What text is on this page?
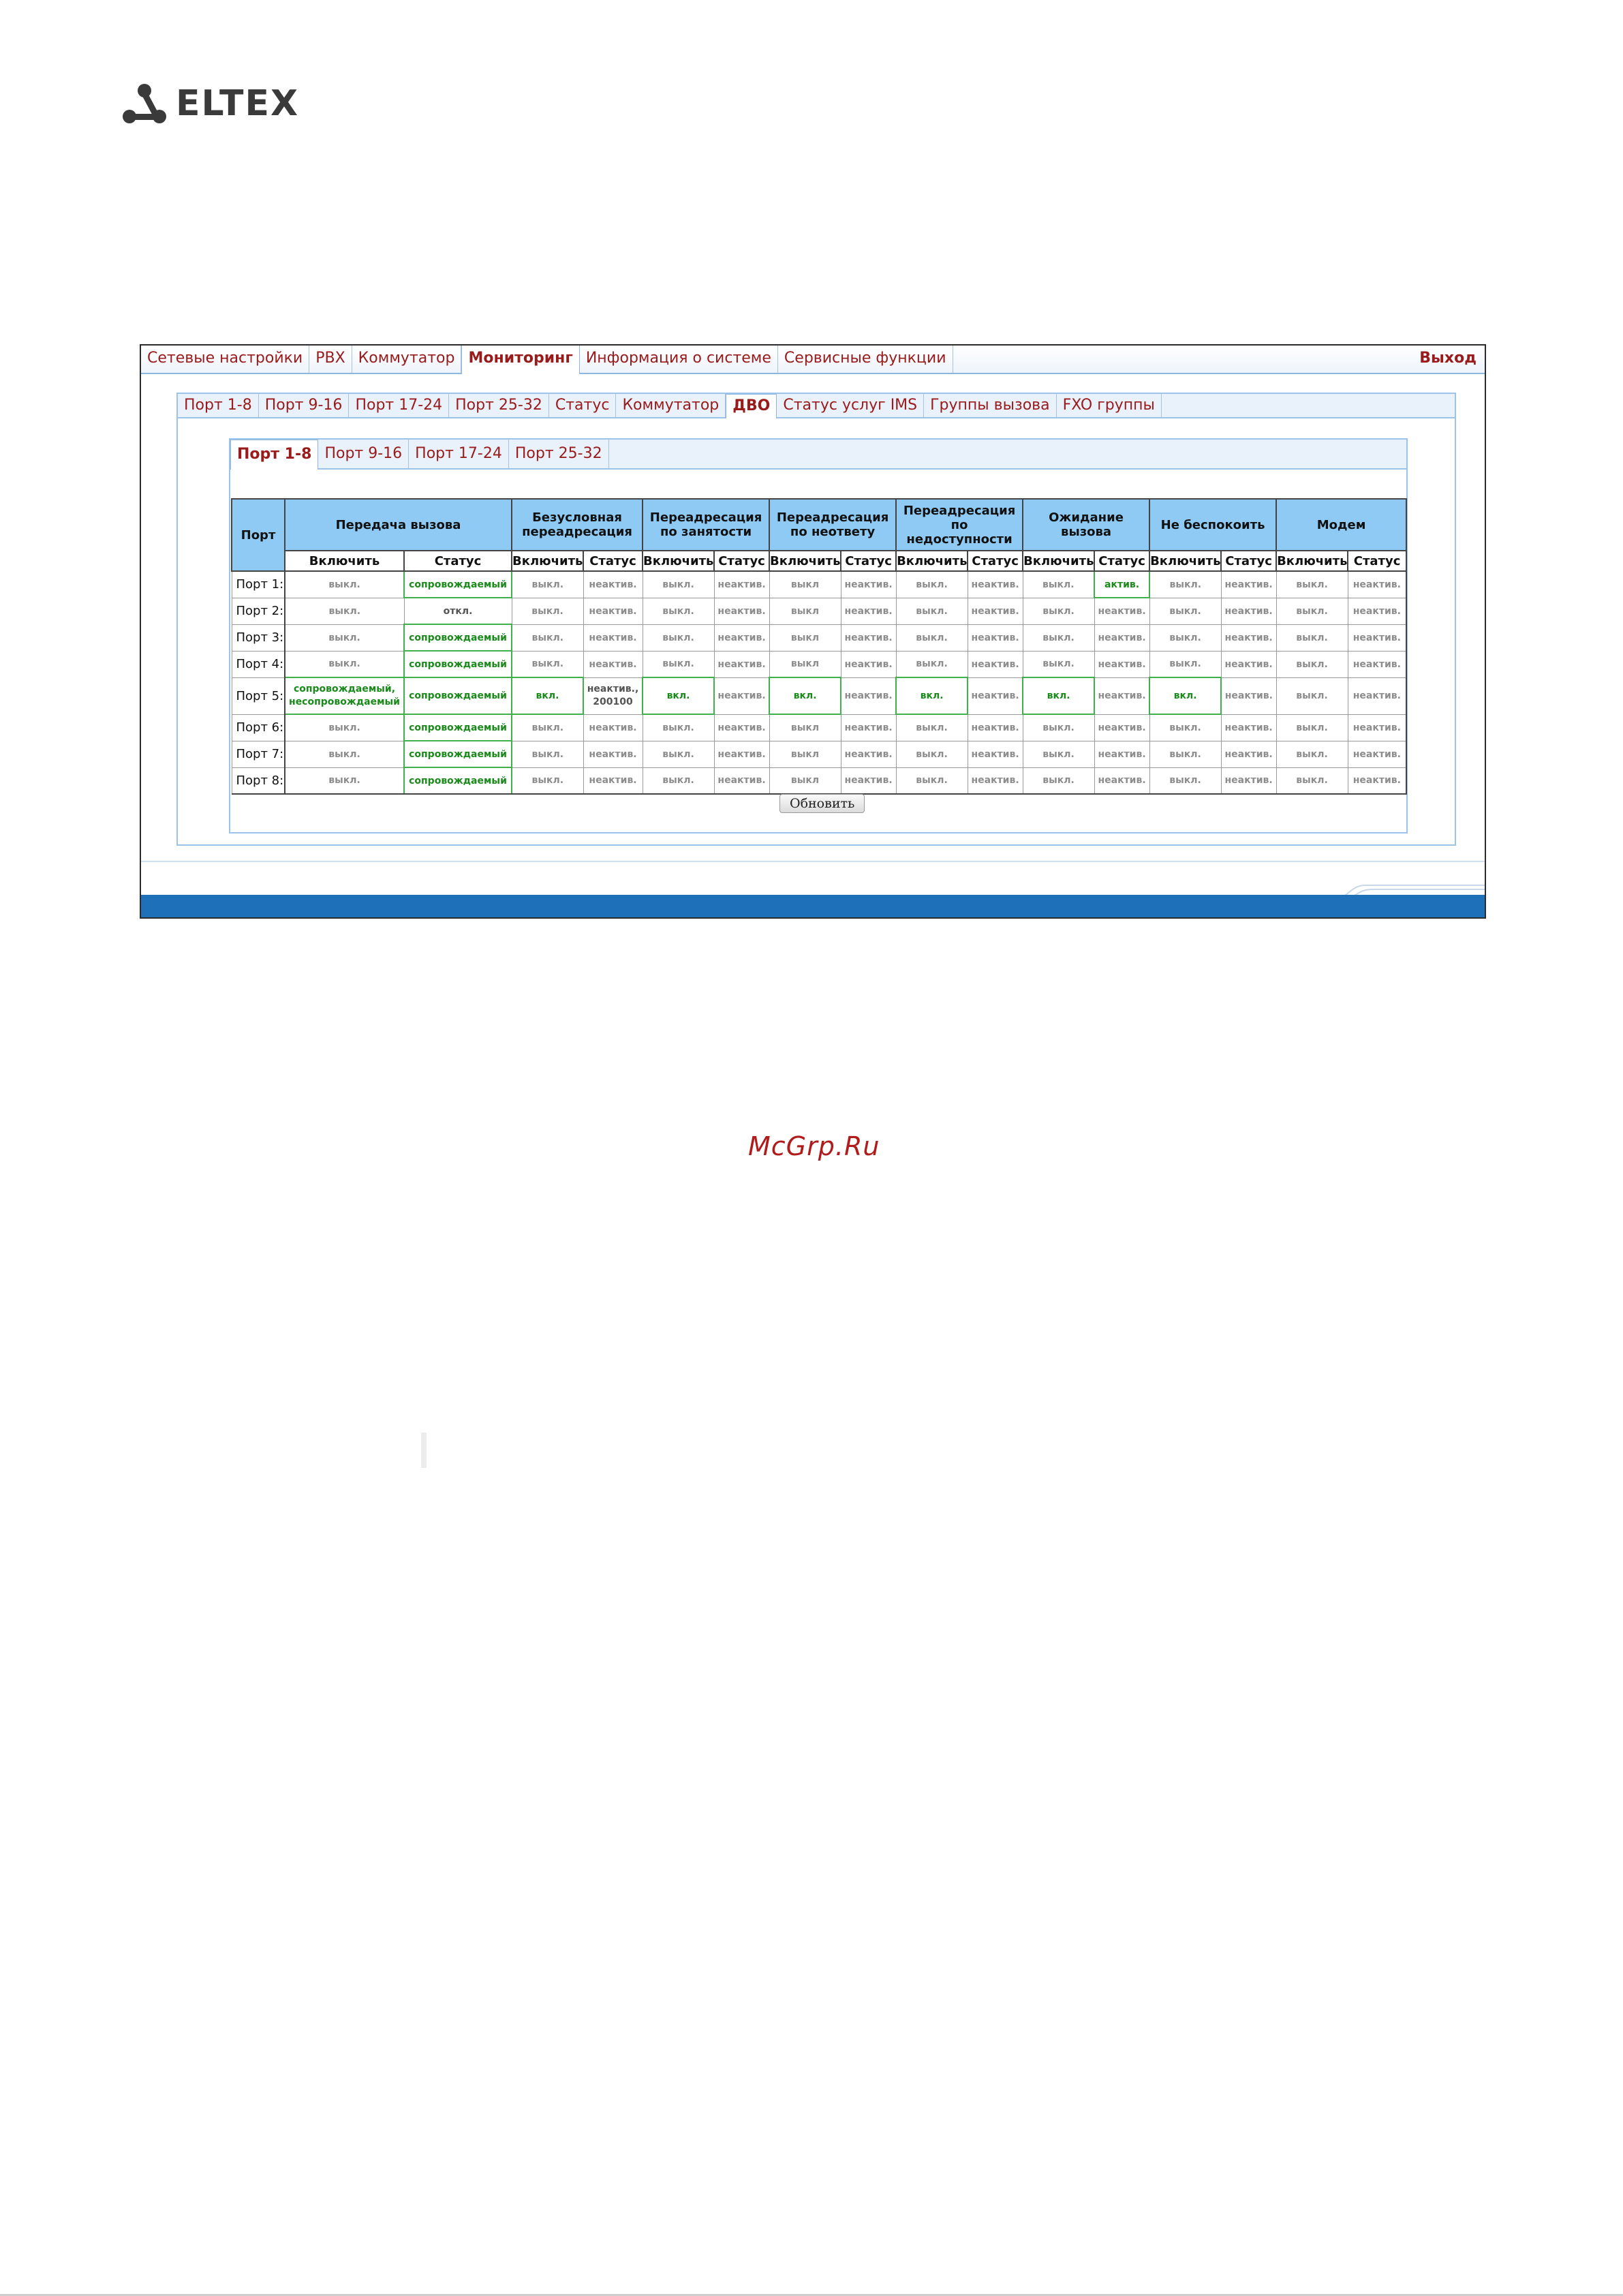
ELTEX
Сетевые настройки PBX Коммутатор Мониторинг Информация о системе Сервисные функции	Выход
Порт 1-8 Порт 9-16 Порт 17-24 Порт 25-32 Статус Коммутатор ДВО Статус услуг IMS Группы вызова FXO группы
Порт 1-8 Порт 9-16 Порт 17-24 Порт 25-32
Порт	Передача вызова		Безусловная переадресация		Переадресация по занятости		Переадресация по неответу		Переадресация по недоступности		Ожидание вызова		Не беспокоить		Модем	
	Включить	Статус	Включить	Статус	Включить	Статус	Включить	Статус	Включить	Статус	Включить	Статус	Включить	Статус	Включить	Статус
Порт 1:	выкл.	сопровождаемый	выкл.	неактив.	выкл.	неактив.	выкл	неактив.	выкл.	неактив.	выкл.	актив.	выкл.	неактив.	выкл.	неактив.
Порт 2:	выкл.	откл.	выкл.	неактив.	выкл.	неактив.	выкл	неактив.	выкл.	неактив.	выкл.	неактив.	выкл.	неактив.	выкл.	неактив.
Порт 3:	выкл.	сопровождаемый	выкл.	неактив.	выкл.	неактив.	выкл	неактив.	выкл.	неактив.	выкл.	неактив.	выкл.	неактив.	выкл.	неактив.
Порт 4:	выкл.	сопровождаемый	выкл.	неактив.	выкл.	неактив.	выкл	неактив.	выкл.	неактив.	выкл.	неактив.	выкл.	неактив.	выкл.	неактив.
Порт 5:	сопровождаемый, несопровождаемый	сопровождаемый	вкл.	неактив., 200100	вкл.	неактив.	вкл.	неактив.	вкл.	неактив.	вкл.	неактив.	вкл.	неактив.	выкл.	неактив.
Порт 6:	выкл.	сопровождаемый	выкл.	неактив.	выкл.	неактив.	выкл	неактив.	выкл.	неактив.	выкл.	неактив.	выкл.	неактив.	выкл.	неактив.
Порт 7:	выкл.	сопровождаемый	выкл.	неактив.	выкл.	неактив.	выкл	неактив.	выкл.	неактив.	выкл.	неактив.	выкл.	неактив.	выкл.	неактив.
Порт 8:	выкл.	сопровождаемый	выкл.	неактив.	выкл.	неактив.	выкл	неактив.	выкл.	неактив.	выкл.	неактив.	выкл.	неактив.	выкл.	неактив.
Обновить
McGrp.Ru
